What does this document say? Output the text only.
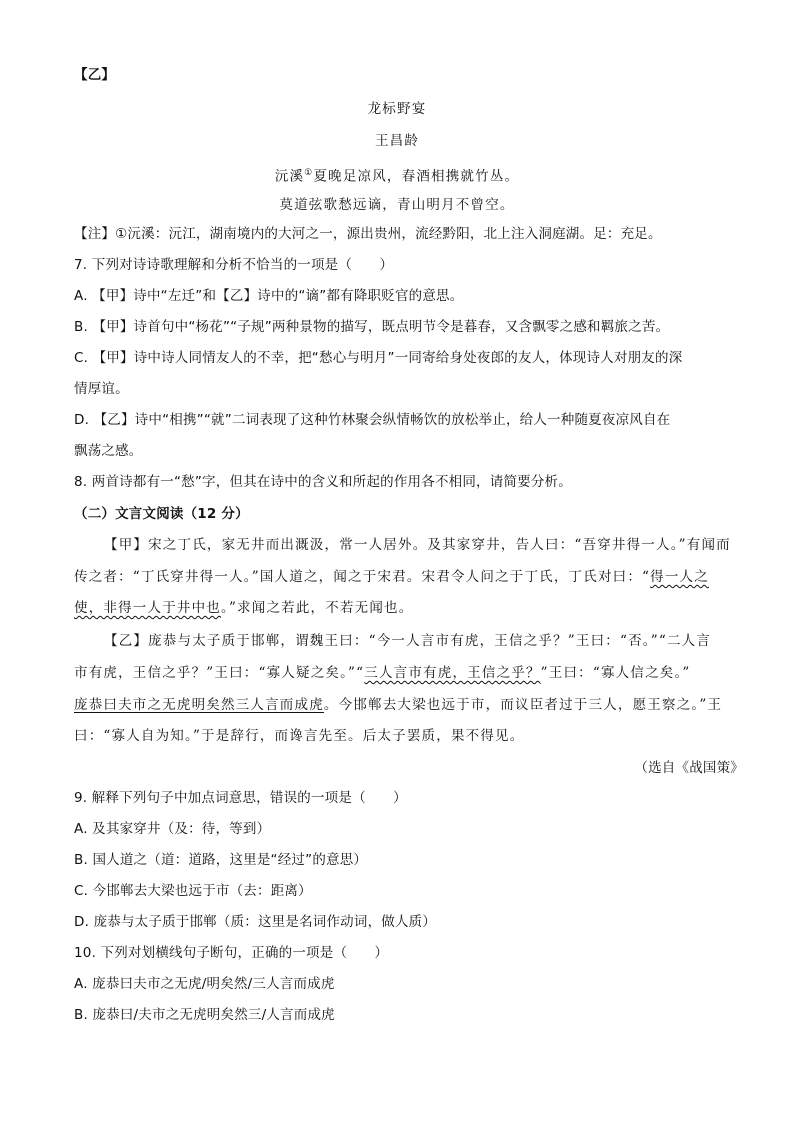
【乙】
龙标野宴
王昌龄
沅溪①夏晚足凉风，春酒相携就竹丛。
莫道弦歌愁远谪，青山明月不曾空。
【注】①沅溪：沅江，湖南境内的大河之一，源出贵州，流经黔阳，北上注入洞庭湖。足：充足。
7. 下列对诗诗歌理解和分析不恰当的一项是（　　）
A. 【甲】诗中“左迁”和【乙】诗中的“谪”都有降职贬官的意思。
B. 【甲】诗首句中“杨花”“子规”两种景物的描写，既点明节令是暮春，又含飘零之感和羁旅之苦。
C. 【甲】诗中诗人同情友人的不幸，把“愁心与明月”一同寄给身处夜郎的友人，体现诗人对朋友的深
情厚谊。
D. 【乙】诗中“相携”“就”二词表现了这种竹林聚会纵情畅饮的放松举止，给人一种随夏夜凉风自在
飘荡之感。
8. 两首诗都有一“愁”字，但其在诗中的含义和所起的作用各不相同，请简要分析。
（二）文言文阅读（12 分）
【甲】宋之丁氏，家无井而出溉汲，常一人居外。及其家穿井，告人曰：“吾穿井得一人。”有闻而
传之者：“丁氏穿井得一人。”国人道之，闻之于宋君。宋君令人问之于丁氏，丁氏对曰：“得一人之
使，非得一人于井中也。”求闻之若此，不若无闻也。
【乙】庞恭与太子质于邯郸，谓魏王曰：“今一人言市有虎，王信之乎？”王曰：“否。”“二人言
市有虎，王信之乎？”王曰：“寡人疑之矣。”“三人言市有虎，王信之乎？”王曰：“寡人信之矣。”
庞恭曰夫市之无虎明矣然三人言而成虎。今邯郸去大梁也远于市，而议臣者过于三人，愿王察之。”王
曰：“寡人自为知。”于是辞行，而谗言先至。后太子罢质，果不得见。
（选自《战国策》
9. 解释下列句子中加点词意思，错误的一项是（　　）
A. 及其家穿井（及：待，等到）
B. 国人道之（道：道路，这里是“经过”的意思）
C. 今邯郸去大梁也远于市（去：距离）
D. 庞恭与太子质于邯郸（质：这里是名词作动词，做人质）
10. 下列对划横线句子断句，正确的一项是（　　）
A. 庞恭曰夫市之无虎/明矣然/三人言而成虎
B. 庞恭曰/夫市之无虎明矣然三/人言而成虎
